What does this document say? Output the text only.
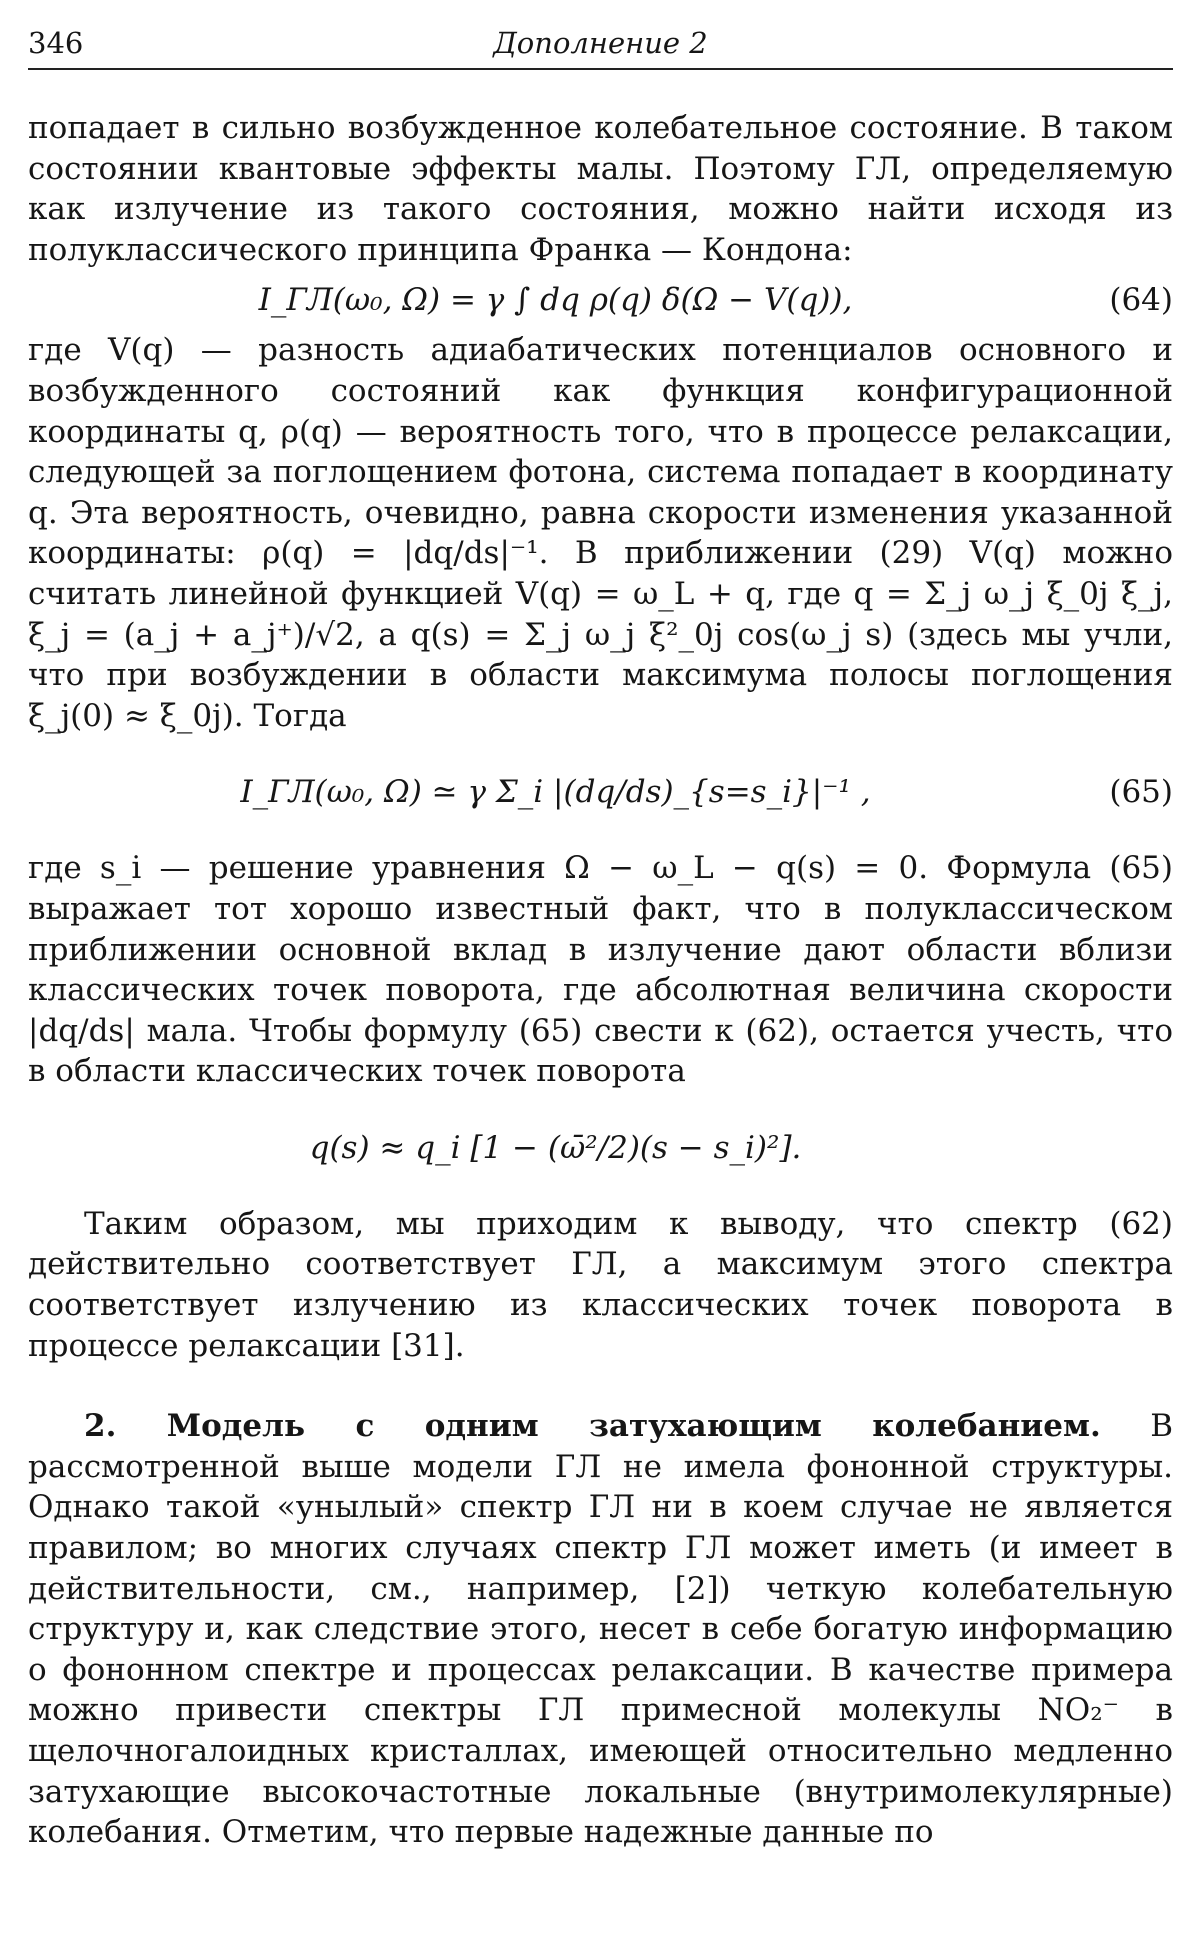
346	Дополнение 2

попадает в сильно возбужденное колебательное состояние. В таком состоянии квантовые эффекты малы. Поэтому ГЛ, определяемую как излучение из такого состояния, можно найти исходя из полуклассического принципа Франка — Кондона:

I_ГЛ(ω₀, Ω) = γ ∫ dq ρ(q) δ(Ω − V(q)),	(64)

где V(q) — разность адиабатических потенциалов основного и возбужденного состояний как функция конфигурационной координаты q, ρ(q) — вероятность того, что в процессе релаксации, следующей за поглощением фотона, система попадает в координату q. Эта вероятность, очевидно, равна скорости изменения указанной координаты: ρ(q) = |dq/ds|⁻¹. В приближении (29) V(q) можно считать линейной функцией V(q) = ω_L + q, где q = Σ_j ω_j ξ_0j ξ_j, ξ_j = (a_j + a_j⁺)/√2, а q(s) = Σ_j ω_j ξ²_0j cos(ω_j s) (здесь мы учли, что при возбуждении в области максимума полосы поглощения ξ_j(0) ≈ ξ_0j). Тогда

I_ГЛ(ω₀, Ω) ≃ γ Σ_i |(dq/ds)_{s=s_i}|⁻¹ ,	(65)

где s_i — решение уравнения Ω − ω_L − q(s) = 0. Формула (65) выражает тот хорошо известный факт, что в полуклассическом приближении основной вклад в излучение дают области вблизи классических точек поворота, где абсолютная величина скорости |dq/ds| мала. Чтобы формулу (65) свести к (62), остается учесть, что в области классических точек поворота

q(s) ≈ q_i [1 − (ω̄²/2)(s − s_i)²].

Таким образом, мы приходим к выводу, что спектр (62) действительно соответствует ГЛ, а максимум этого спектра соответствует излучению из классических точек поворота в процессе релаксации [31].

2. Модель с одним затухающим колебанием. В рассмотренной выше модели ГЛ не имела фононной структуры. Однако такой «унылый» спектр ГЛ ни в коем случае не является правилом; во многих случаях спектр ГЛ может иметь (и имеет в действительности, см., например, [2]) четкую колебательную структуру и, как следствие этого, несет в себе богатую информацию о фононном спектре и процессах релаксации. В качестве примера можно привести спектры ГЛ примесной молекулы NO₂⁻ в щелочногалоидных кристаллах, имеющей относительно медленно затухающие высокочастотные локальные (внутримолекулярные) колебания. Отметим, что первые надежные данные по
